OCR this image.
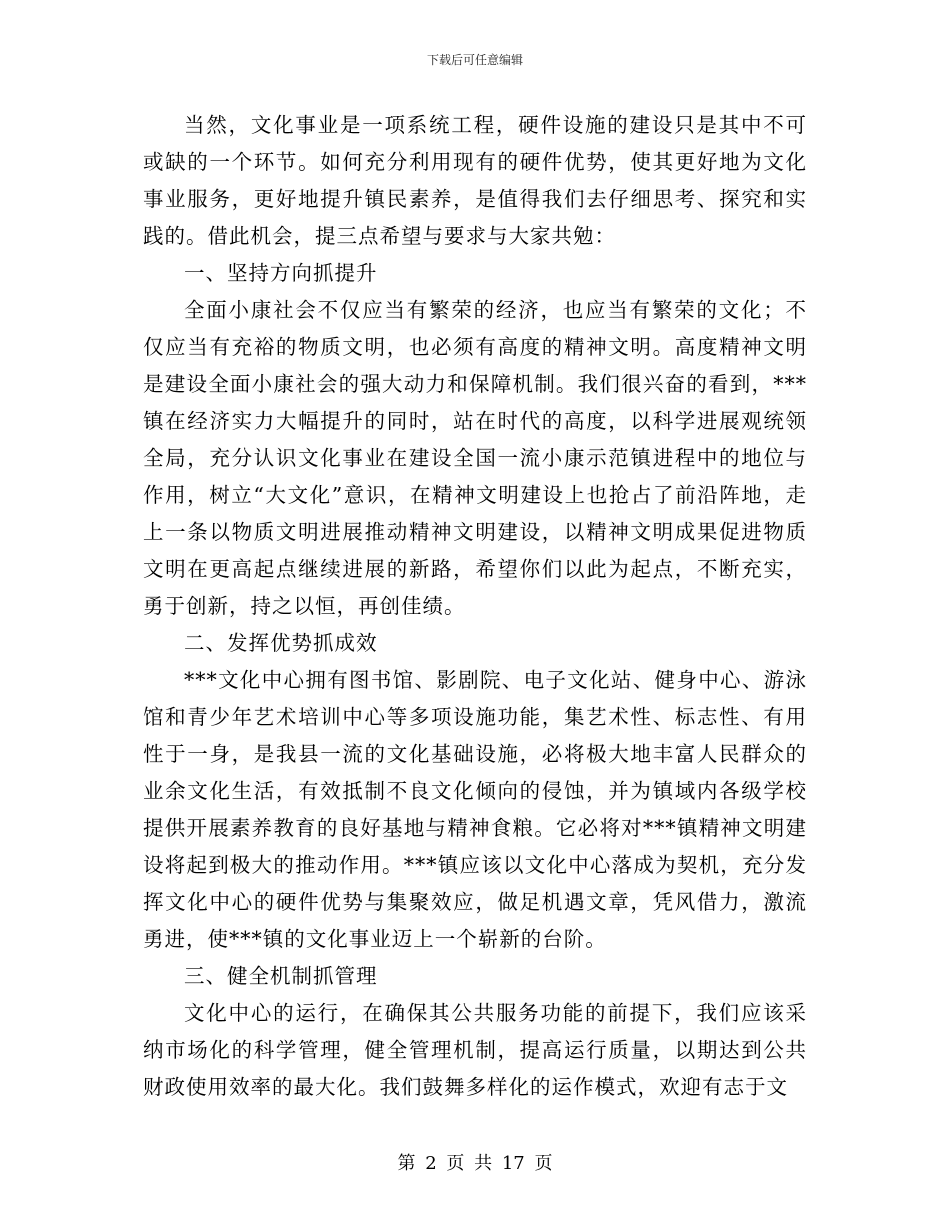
下载后可任意编辑

当然，文化事业是一项系统工程，硬件设施的建设只是其中不可或缺的一个环节。如何充分利用现有的硬件优势，使其更好地为文化事业服务，更好地提升镇民素养，是值得我们去仔细思考、探究和实践的。借此机会，提三点希望与要求与大家共勉：

一、坚持方向抓提升

全面小康社会不仅应当有繁荣的经济，也应当有繁荣的文化；不仅应当有充裕的物质文明，也必须有高度的精神文明。高度精神文明是建设全面小康社会的强大动力和保障机制。我们很兴奋的看到，***镇在经济实力大幅提升的同时，站在时代的高度，以科学进展观统领全局，充分认识文化事业在建设全国一流小康示范镇进程中的地位与作用，树立“大文化”意识，在精神文明建设上也抢占了前沿阵地，走上一条以物质文明进展推动精神文明建设，以精神文明成果促进物质文明在更高起点继续进展的新路，希望你们以此为起点，不断充实，勇于创新，持之以恒，再创佳绩。

二、发挥优势抓成效

***文化中心拥有图书馆、影剧院、电子文化站、健身中心、游泳馆和青少年艺术培训中心等多项设施功能，集艺术性、标志性、有用性于一身，是我县一流的文化基础设施，必将极大地丰富人民群众的业余文化生活，有效抵制不良文化倾向的侵蚀，并为镇域内各级学校提供开展素养教育的良好基地与精神食粮。它必将对***镇精神文明建设将起到极大的推动作用。***镇应该以文化中心落成为契机，充分发挥文化中心的硬件优势与集聚效应，做足机遇文章，凭风借力，激流勇进，使***镇的文化事业迈上一个崭新的台阶。

三、健全机制抓管理

文化中心的运行，在确保其公共服务功能的前提下，我们应该采纳市场化的科学管理，健全管理机制，提高运行质量，以期达到公共财政使用效率的最大化。我们鼓舞多样化的运作模式，欢迎有志于文

第 2 页 共 17 页
